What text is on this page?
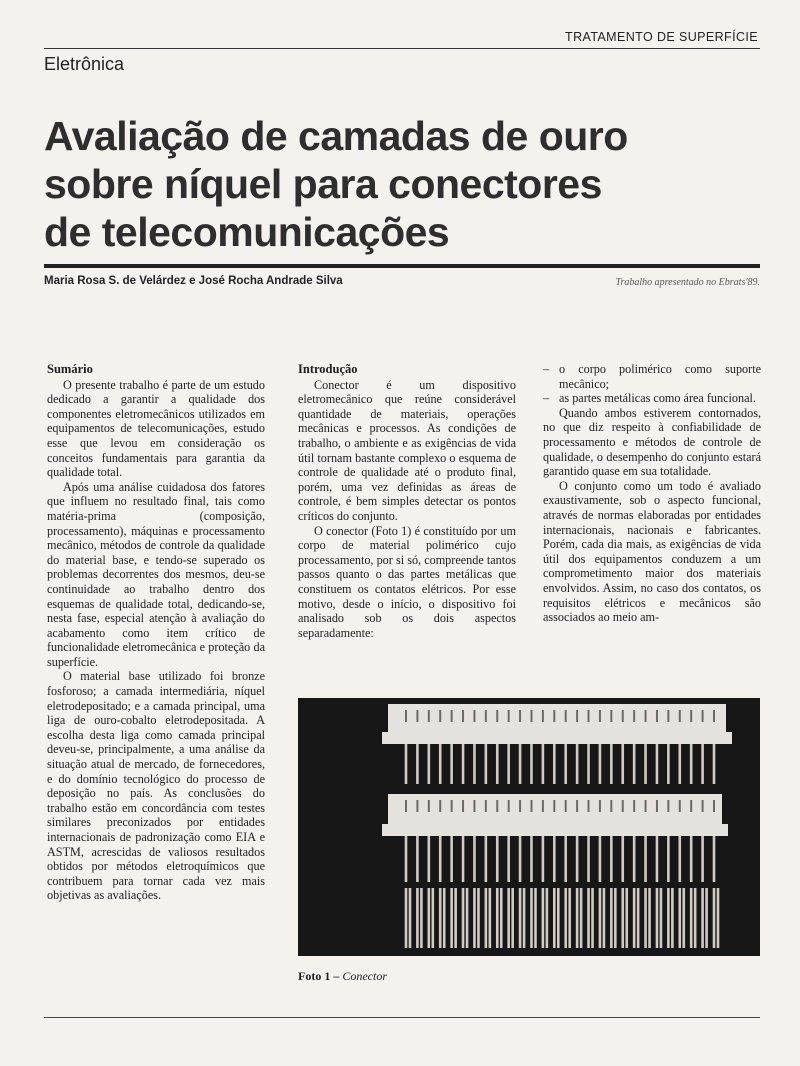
TRATAMENTO DE SUPERFÍCIE
Eletrônica
Avaliação de camadas de ouro
sobre níquel para conectores
de telecomunicações
Maria Rosa S. de Velárdez e José Rocha Andrade Silva	Trabalho apresentado no Ebrats'89.
Sumário

O presente trabalho é parte de um estudo dedicado a garantir a qualidade dos componentes eletromecânicos utilizados em equipamentos de telecomunicações, estudo esse que levou em consideração os conceitos fundamentais para garantia da qualidade total.

Após uma análise cuidadosa dos fatores que influem no resultado final, tais como matéria-prima (composição, processamento), máquinas e processamento mecânico, métodos de controle da qualidade do material base, e tendo-se superado os problemas decorrentes dos mesmos, deu-se continuidade ao trabalho dentro dos esquemas de qualidade total, dedicando-se, nesta fase, especial atenção à avaliação do acabamento como item crítico de funcionalidade eletromecânica e proteção da superfície.

O material base utilizado foi bronze fosforoso; a camada intermediária, níquel eletrodepositado; e a camada principal, uma liga de ouro-cobalto eletrodepositada. A escolha desta liga como camada principal deveu-se, principalmente, a uma análise da situação atual de mercado, de fornecedores, e do domínio tecnológico do processo de deposição no país. As conclusões do trabalho estão em concordância com testes similares preconizados por entidades internacionais de padronização como EIA e ASTM, acrescidas de valiosos resultados obtidos por métodos eletroquímicos que contribuem para tornar cada vez mais objetivas as avaliações.

Introdução

Conector é um dispositivo eletromecânico que reúne considerável quantidade de materiais, operações mecânicas e processos. As condições de trabalho, o ambiente e as exigências de vida útil tornam bastante complexo o esquema de controle de qualidade até o produto final, porém, uma vez definidas as áreas de controle, é bem simples detectar os pontos críticos do conjunto.

O conector (Foto 1) é constituído por um corpo de material polimérico cujo processamento, por si só, compreende tantos passos quanto o das partes metálicas que constituem os contatos elétricos. Por esse motivo, desde o início, o dispositivo foi analisado sob os dois aspectos separadamente:

– o corpo polimérico como suporte mecânico;
– as partes metálicas como área funcional.

Quando ambos estiverem contornados, no que diz respeito à confiabilidade de processamento e métodos de controle de qualidade, o desempenho do conjunto estará garantido quase em sua totalidade.

O conjunto como um todo é avaliado exaustivamente, sob o aspecto funcional, através de normas elaboradas por entidades internacionais, nacionais e fabricantes. Porém, cada dia mais, as exigências de vida útil dos equipamentos conduzem a um comprometimento maior dos materiais envolvidos. Assim, no caso dos contatos, os requisitos elétricos e mecânicos são associados ao meio am-

Foto 1 – Conector
